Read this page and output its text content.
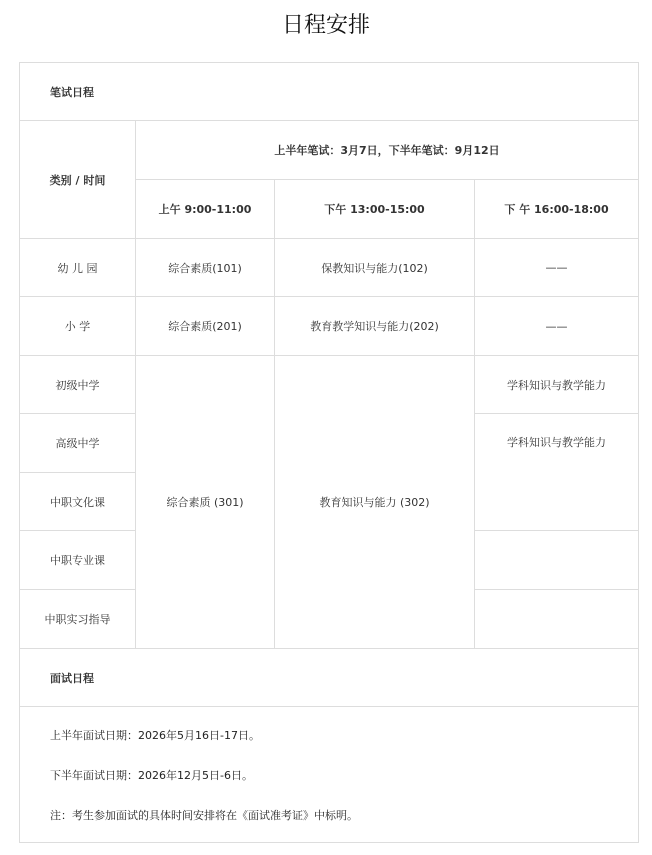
日程安排
笔试日程			
类别 / 时间	上半年笔试：3月7日，下半年笔试：9月12日		
	上午 9:00-11:00	下午 13:00-15:00	下 午 16:00-18:00
幼 儿 园	综合素质(101)	保教知识与能力(102)	——
小 学	综合素质(201)	教育教学知识与能力(202)	——
初级中学	综合素质 (301)	教育知识与能力 (302)	学科知识与教学能力
高级中学			学科知识与教学能力
中职文化课			
中职专业课			
中职实习指导			
面试日程			

上半年面试日期：2026年5月16日-17日。
下半年面试日期：2026年12月5日-6日。
注：考生参加面试的具体时间安排将在《面试准考证》中标明。			
